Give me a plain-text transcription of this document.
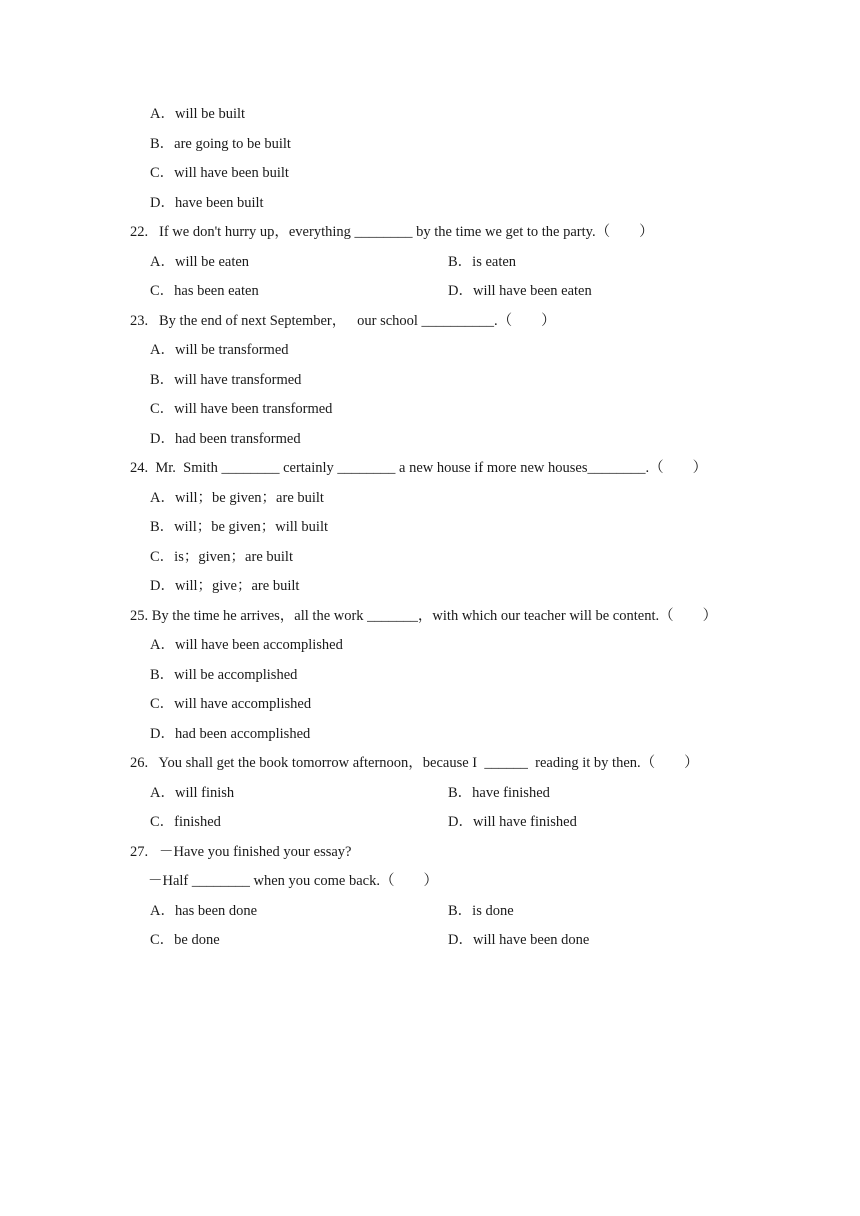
A．will be built
B．are going to be built
C．will have been built
D．have been built
22.   If we don't hurry up，everything ________ by the time we get to the party.（        ）
A．will be eaten	B．is eaten
C．has been eaten	D．will have been eaten
23.   By the end of next September，   our school __________.（        ）
A．will be transformed
B．will have transformed
C．will have been transformed
D．had been transformed
24.  Mr.  Smith ________ certainly ________ a new house if more new houses________.（        ）
A．will；be given；are built
B．will；be given；will built
C．is；given；are built
D．will；give；are built
25. By the time he arrives，all the work _______，with which our teacher will be content.（        ）
A．will have been accomplished
B．will be accomplished
C．will have accomplished
D．had been accomplished
26.   You shall get the book tomorrow afternoon，because I  ______  reading it by then.（        ）
A．will finish	B．have finished
C．finished	D．will have finished
27.   －Have you finished your essay?
－Half ________ when you come back.（        ）
A．has been done	B．is done
C．be done	D．will have been done
